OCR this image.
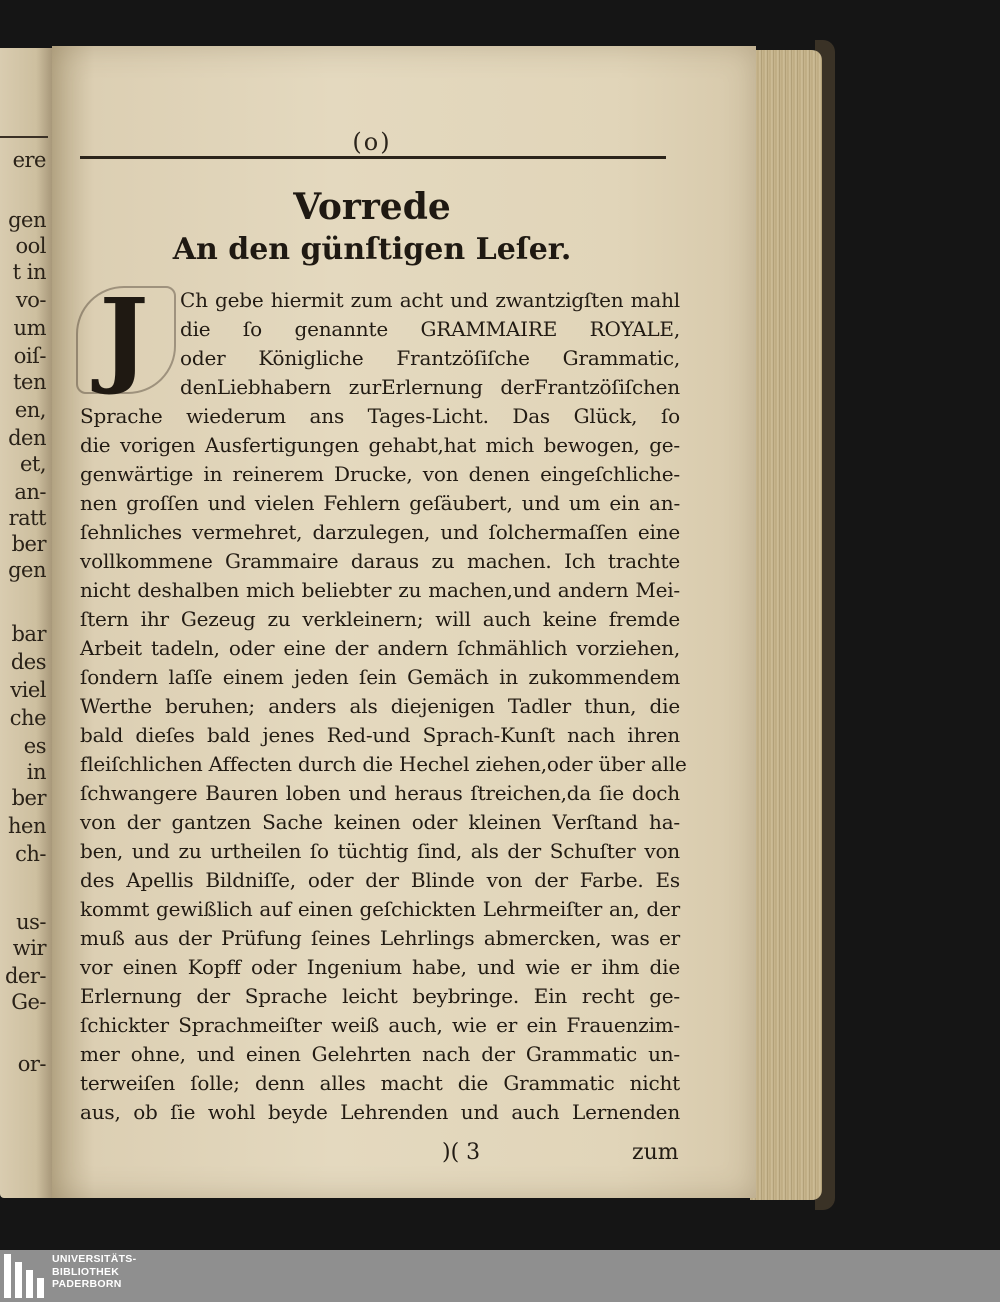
ere
gen
ool
t in
vo-
um
oiſ-
ten
en,
den
et,
an-
ratt
ber
gen
bar
des
viel
che
es
in
ber
hen
ch-
us-
wir
der-
Ge-
or-
(o)
Vorrede
An den günſtigen Leſer.
J	Ch gebe hiermit zum acht und zwantzigſten mahl
die ſo genannte GRAMMAIRE ROYALE,
oder Königliche Frantzöſiſche Grammatic,
denLiebhabern zurErlernung derFrantzöſiſchen
Sprache wiederum ans Tages-Licht. Das Glück, ſo
die vorigen Ausfertigungen gehabt,hat mich bewogen, ge-
genwärtige in reinerem Drucke, von denen eingeſchliche-
nen groſſen und vielen Fehlern geſäubert, und um ein an-
ſehnliches vermehret, darzulegen, und ſolchermaſſen eine
vollkommene Grammaire daraus zu machen. Ich trachte
nicht deshalben mich beliebter zu machen,und andern Mei-
ſtern ihr Gezeug zu verkleinern; will auch keine fremde
Arbeit tadeln, oder eine der andern ſchmählich vorziehen,
ſondern laſſe einem jeden ſein Gemäch in zukommendem
Werthe beruhen; anders als diejenigen Tadler thun, die
bald dieſes bald jenes Red-und Sprach-Kunſt nach ihren
fleiſchlichen Affecten durch die Hechel ziehen,oder über alle
ſchwangere Bauren loben und heraus ſtreichen,da ſie doch
von der gantzen Sache keinen oder kleinen Verſtand ha-
ben, und zu urtheilen ſo tüchtig ſind, als der Schuſter von
des Apellis Bildniſſe, oder der Blinde von der Farbe. Es
kommt gewißlich auf einen geſchickten Lehrmeiſter an, der
muß aus der Prüfung ſeines Lehrlings abmercken, was er
vor einen Kopff oder Ingenium habe, und wie er ihm die
Erlernung der Sprache leicht beybringe. Ein recht ge-
ſchickter Sprachmeiſter weiß auch, wie er ein Frauenzim-
mer ohne, und einen Gelehrten nach der Grammatic un-
terweiſen ſolle; denn alles macht die Grammatic nicht
aus, ob ſie wohl beyde Lehrenden und auch Lernenden
)( 3	zum
UNIVERSITÄTS-
BIBLIOTHEK
PADERBORN
